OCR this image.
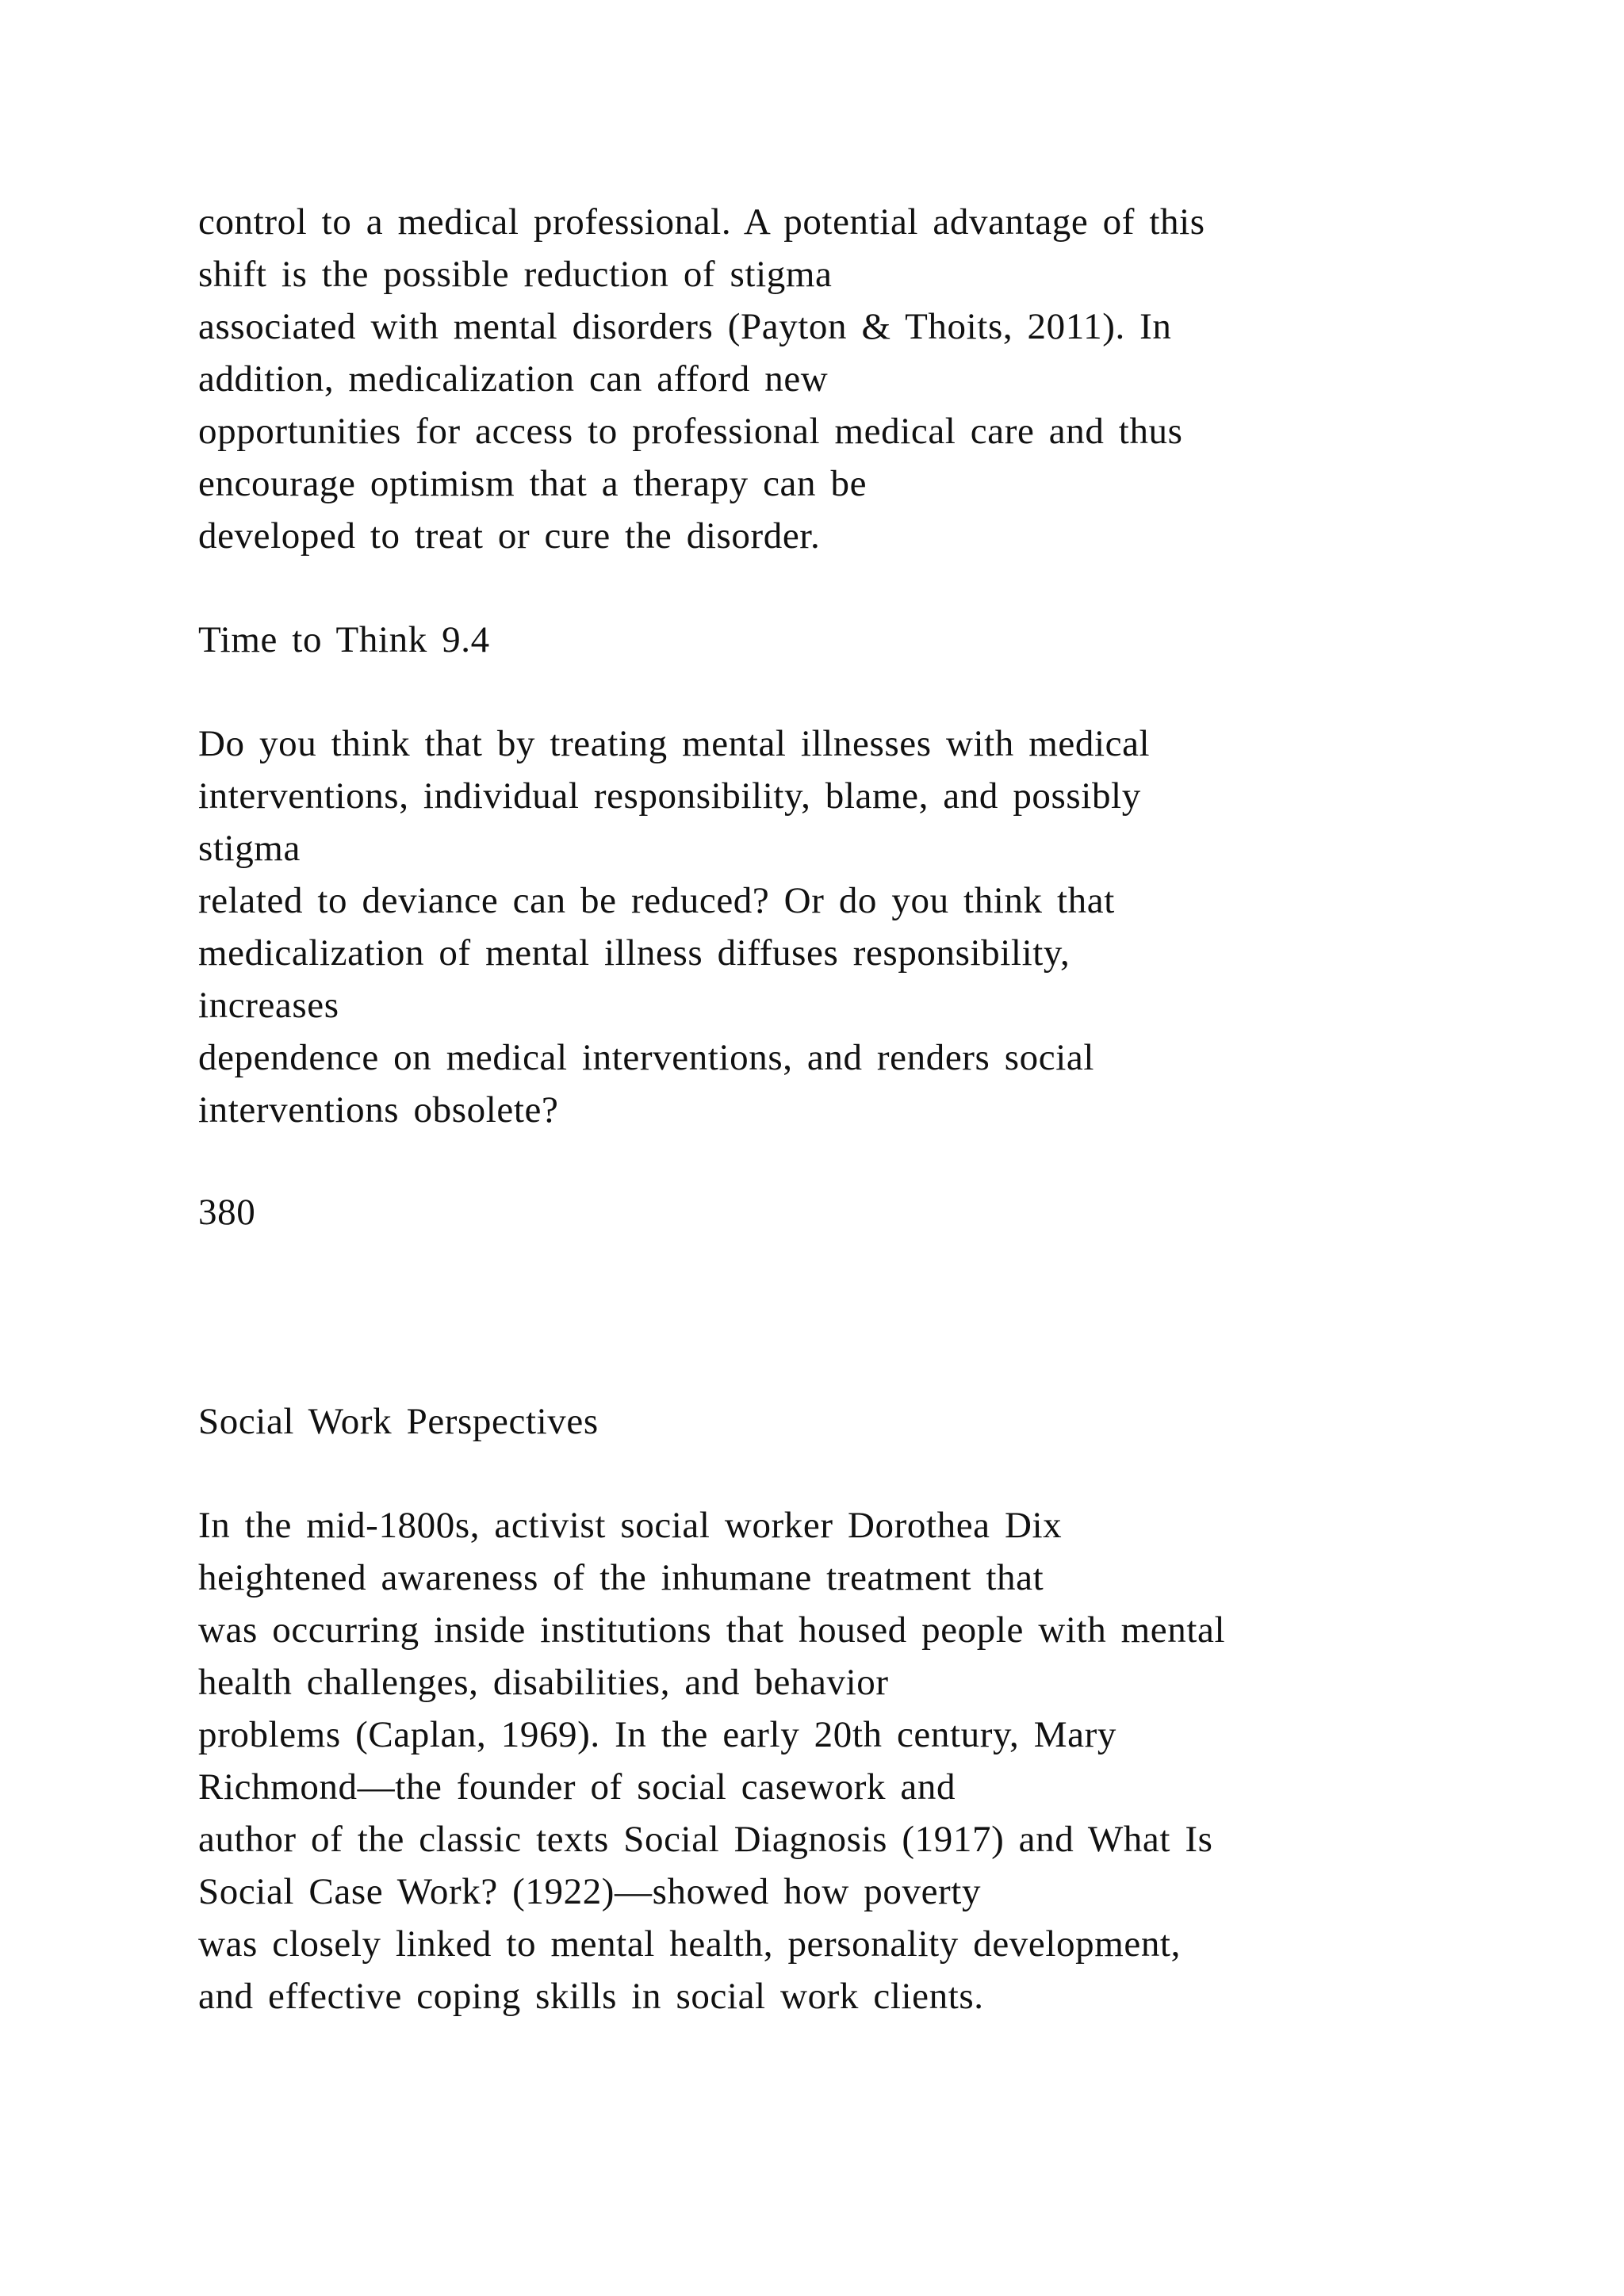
control to a medical professional. A potential advantage of this
shift is the possible reduction of stigma
associated with mental disorders (Payton & Thoits, 2011). In
addition, medicalization can afford new
opportunities for access to professional medical care and thus
encourage optimism that a therapy can be
developed to treat or cure the disorder.
Time to Think 9.4
Do you think that by treating mental illnesses with medical
interventions, individual responsibility, blame, and possibly
stigma
related to deviance can be reduced? Or do you think that
medicalization of mental illness diffuses responsibility,
increases
dependence on medical interventions, and renders social
interventions obsolete?
380
Social Work Perspectives
In the mid-1800s, activist social worker Dorothea Dix
heightened awareness of the inhumane treatment that
was occurring inside institutions that housed people with mental
health challenges, disabilities, and behavior
problems (Caplan, 1969). In the early 20th century, Mary
Richmond—the founder of social casework and
author of the classic texts Social Diagnosis (1917) and What Is
Social Case Work? (1922)—showed how poverty
was closely linked to mental health, personality development,
and effective coping skills in social work clients.
